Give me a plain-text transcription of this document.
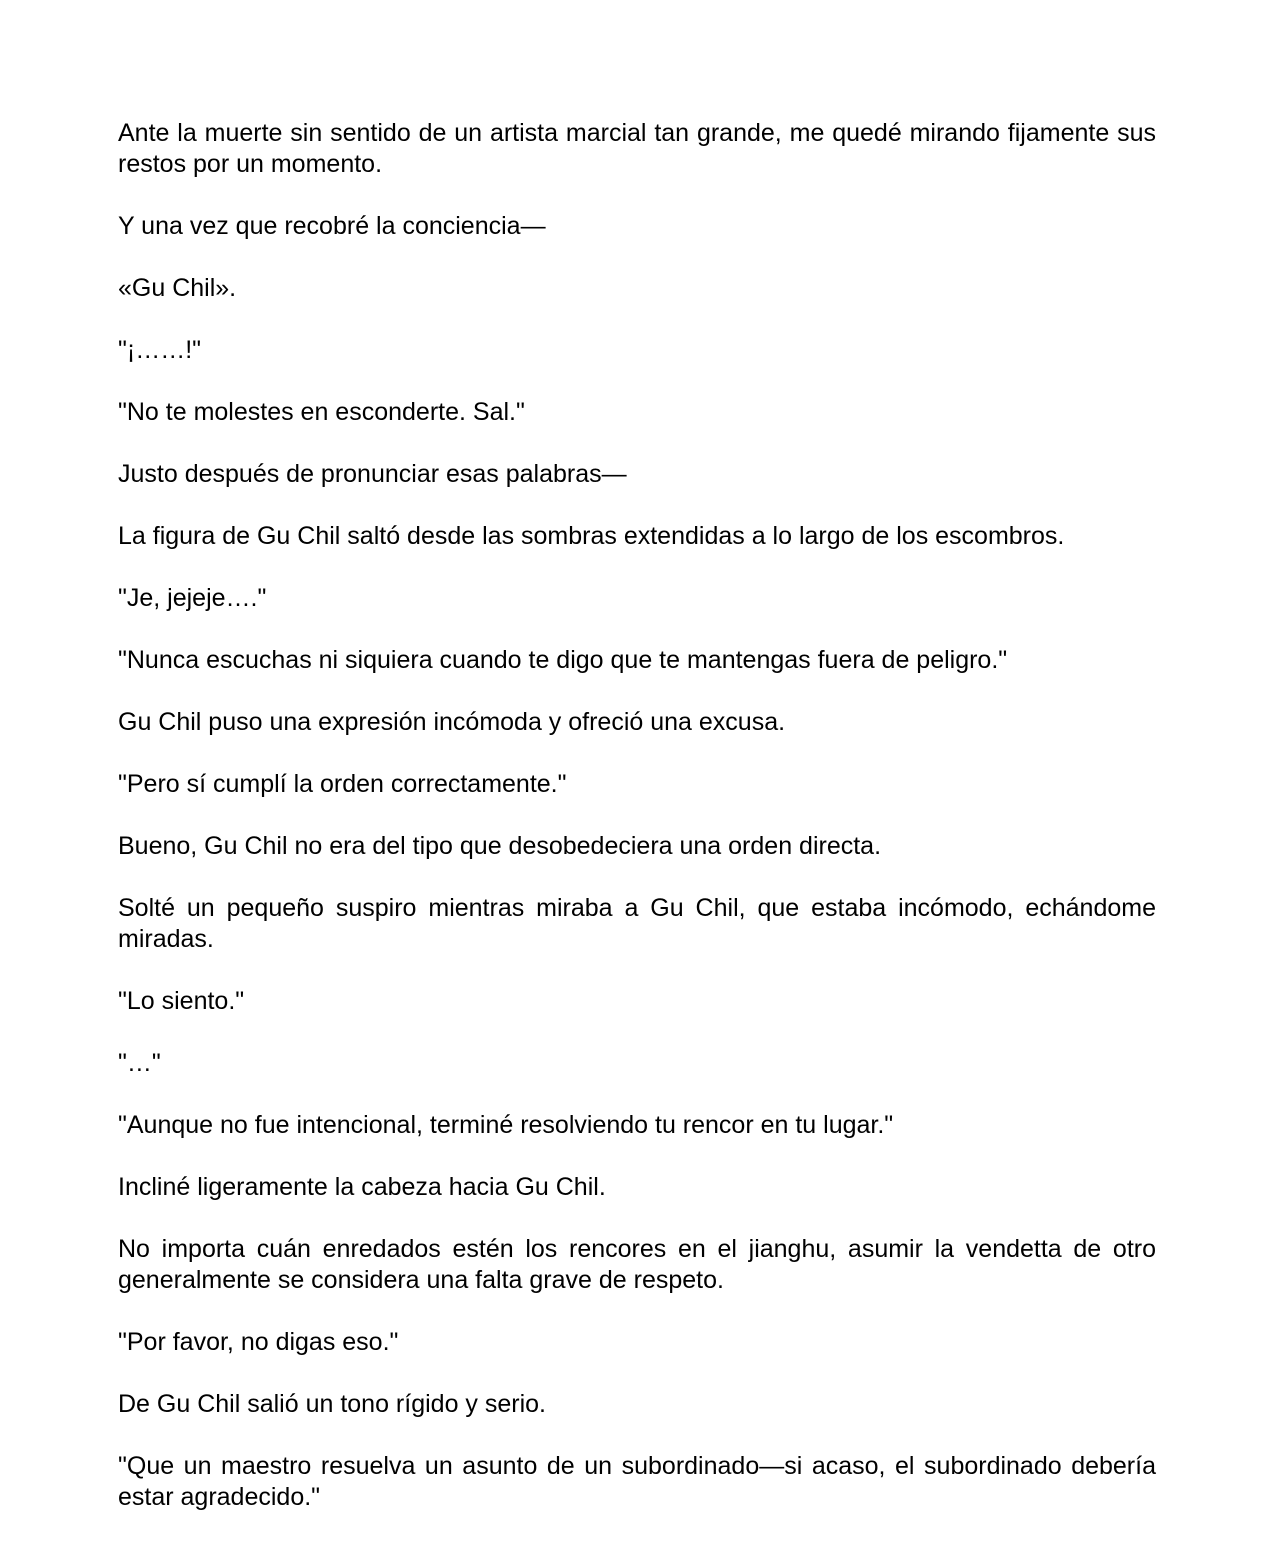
Ante la muerte sin sentido de un artista marcial tan grande, me quedé mirando fijamente sus restos por un momento.

Y una vez que recobré la conciencia—

«Gu Chil».

"¡……!"

"No te molestes en esconderte. Sal."

Justo después de pronunciar esas palabras—

La figura de Gu Chil saltó desde las sombras extendidas a lo largo de los escombros.

"Je, jejeje…."

"Nunca escuchas ni siquiera cuando te digo que te mantengas fuera de peligro."

Gu Chil puso una expresión incómoda y ofreció una excusa.

"Pero sí cumplí la orden correctamente."

Bueno, Gu Chil no era del tipo que desobedeciera una orden directa.

Solté un pequeño suspiro mientras miraba a Gu Chil, que estaba incómodo, echándome miradas.

"Lo siento."

"…"

"Aunque no fue intencional, terminé resolviendo tu rencor en tu lugar."

Incliné ligeramente la cabeza hacia Gu Chil.

No importa cuán enredados estén los rencores en el jianghu, asumir la vendetta de otro generalmente se considera una falta grave de respeto.

"Por favor, no digas eso."

De Gu Chil salió un tono rígido y serio.

"Que un maestro resuelva un asunto de un subordinado—si acaso, el subordinado debería estar agradecido."
